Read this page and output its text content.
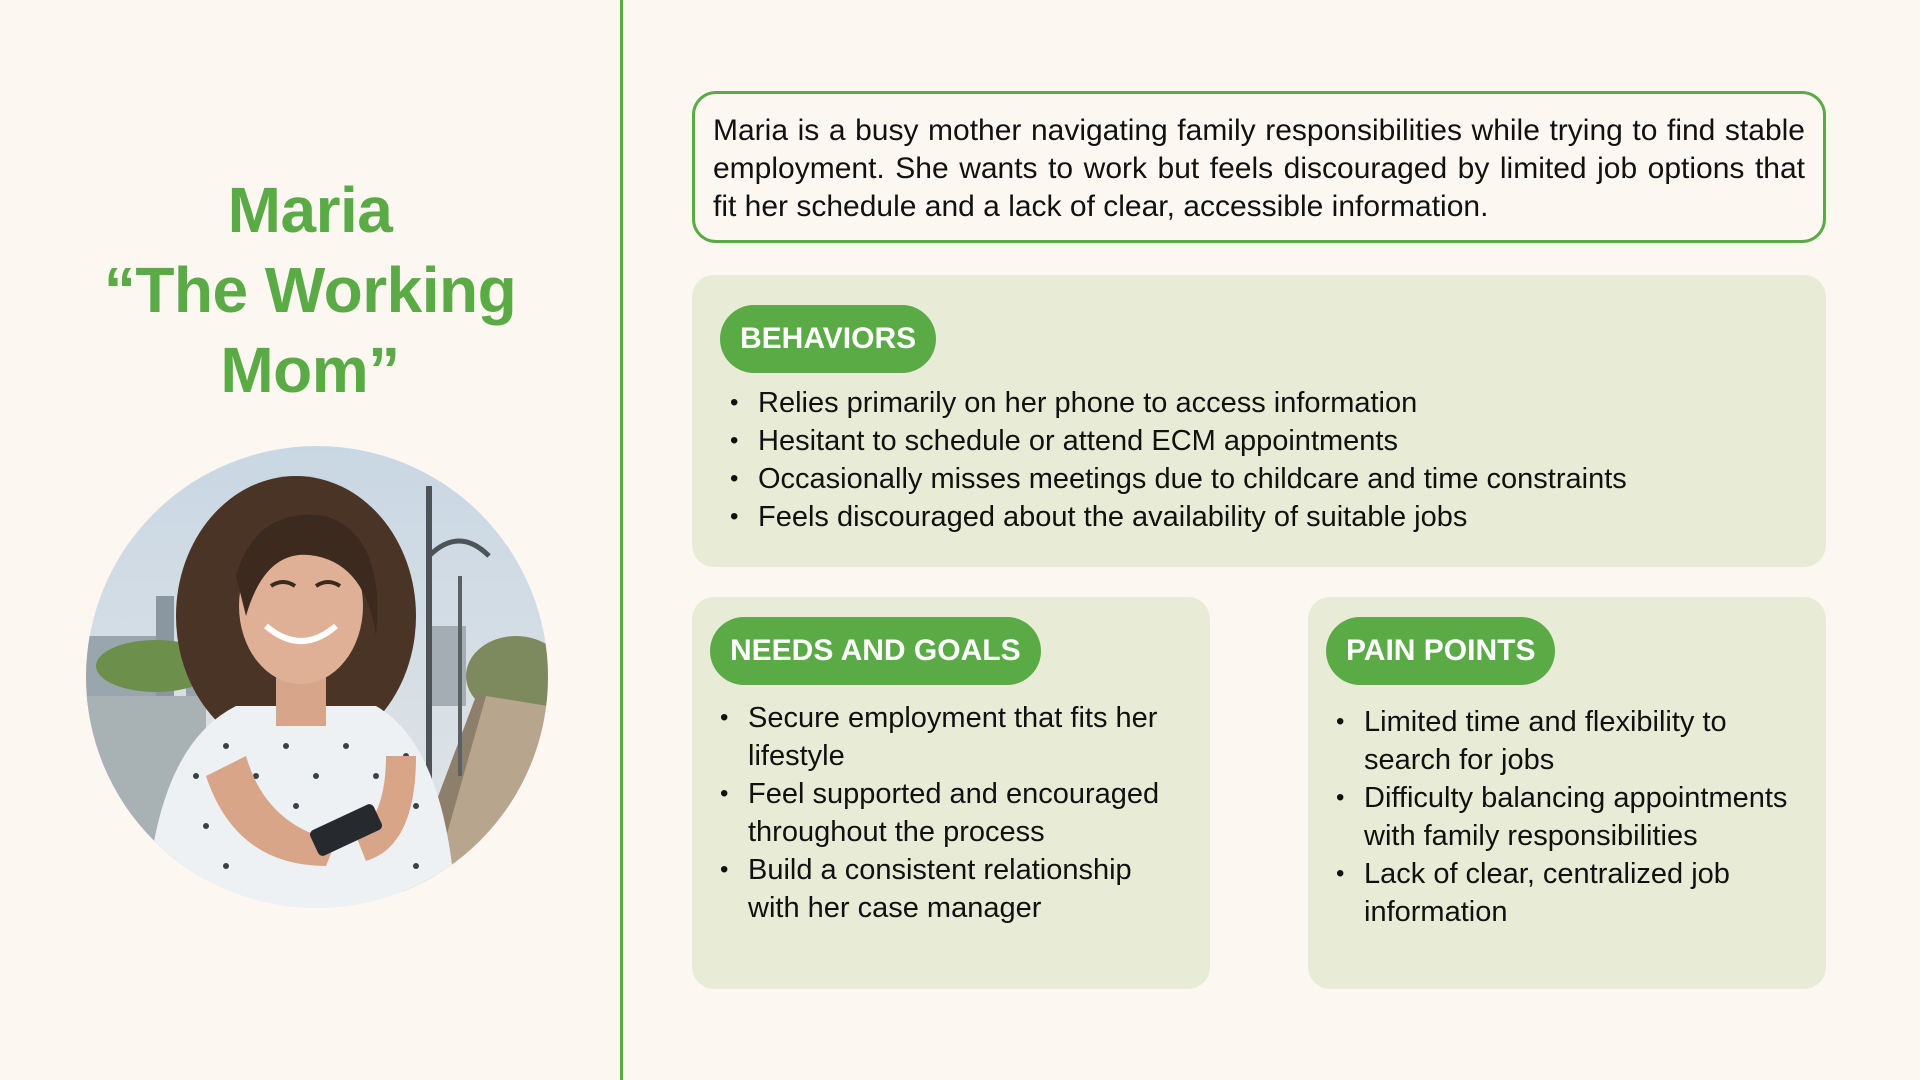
Maria
“The Working
Mom”
Maria is a busy mother navigating family responsibilities while trying to find stable employment. She wants to work but feels discouraged by limited job options that fit her schedule and a lack of clear, accessible information.
BEHAVIORS
• Relies primarily on her phone to access information
• Hesitant to schedule or attend ECM appointments
• Occasionally misses meetings due to childcare and time constraints
• Feels discouraged about the availability of suitable jobs
NEEDS AND GOALS
• Secure employment that fits her lifestyle
• Feel supported and encouraged throughout the process
• Build a consistent relationship with her case manager
PAIN POINTS
• Limited time and flexibility to search for jobs
• Difficulty balancing appointments with family responsibilities
• Lack of clear, centralized job information
